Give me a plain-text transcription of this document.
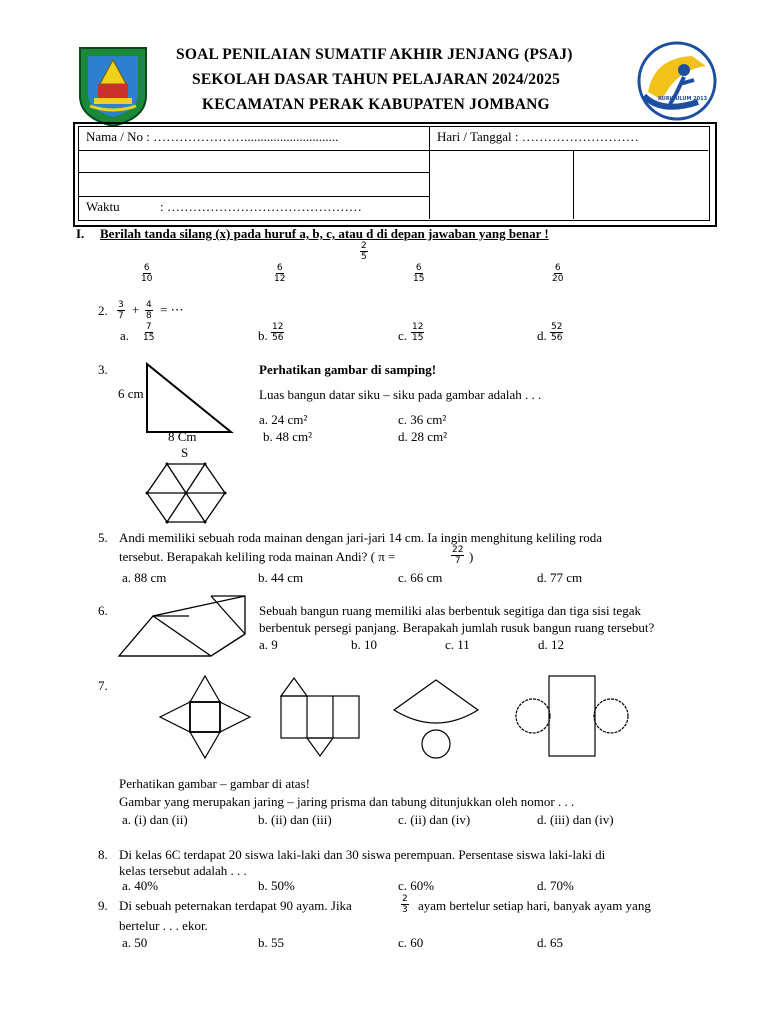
SOAL PENILAIAN SUMATIF AKHIR JENJANG (PSAJ)
SEKOLAH DASAR TAHUN PELAJARAN 2024/2025
KECAMATAN PERAK KABUPATEN JOMBANG	KURIKULUM 2013
Nama / No : ………………….............................	Hari / Tanggal : ………………………
Waktu	: ………………………………………
I. Berilah tanda silang (x) pada huruf a, b, c, atau d di depan jawaban yang benar !
$\frac{2}{5}$
$\frac{6}{10}$	$\frac{6}{12}$	$\frac{6}{15}$	$\frac{6}{20}$
2. $\frac{3}{7} + \frac{4}{8}$ = ⋯
a. $\frac{7}{15}$	b. $\frac{12}{56}$	c. $\frac{12}{15}$	d. $\frac{52}{56}$
3.
6 cm
8 Cm
Perhatikan gambar di samping!
Luas bangun datar siku – siku pada gambar adalah . . .
a. 24 cm²	c. 36 cm²
b. 48 cm²	d. 28 cm²
S
5. Andi memiliki sebuah roda mainan dengan jari-jari 14 cm. Ia ingin menghitung keliling roda
tersebut. Berapakah keliling roda mainan Andi? ( π =	$\frac{22}{7}$ )
a. 88 cm	b. 44 cm	c. 66 cm	d. 77 cm
6.	Sebuah bangun ruang memiliki alas berbentuk segitiga dan tiga sisi tegak
berbentuk persegi panjang. Berapakah jumlah rusuk bangun ruang tersebut?
a. 9	b. 10	c. 11	d. 12
7.
Perhatikan gambar – gambar di atas!
Gambar yang merupakan jaring – jaring prisma dan tabung ditunjukkan oleh nomor . . .
a. (i) dan (ii)	b. (ii) dan (iii)	c. (ii) dan (iv)	d. (iii) dan (iv)
8. Di kelas 6C terdapat 20 siswa laki-laki dan 30 siswa perempuan. Persentase siswa laki-laki di
kelas tersebut adalah . . .
a. 40%	b. 50%	c. 60%	d. 70%
9. Di sebuah peternakan terdapat 90 ayam. Jika	$\frac{2}{3}$ ayam bertelur setiap hari, banyak ayam yang
bertelur . . . ekor.
a. 50	b. 55	c. 60	d. 65
